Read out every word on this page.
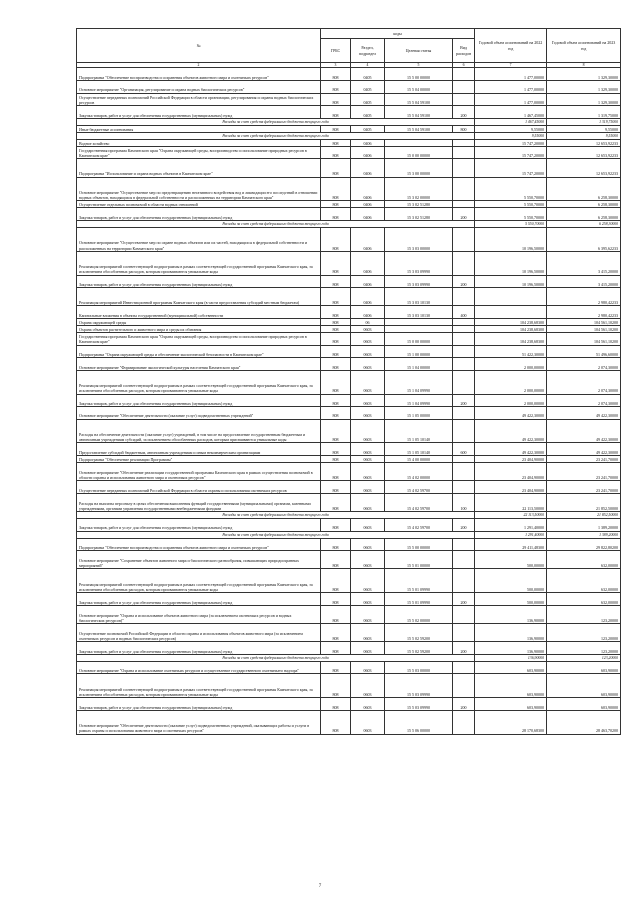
№	коды				Годовой объем ассигнований на 2022 год	Годовой объем ассигнований на 2023 год
	ГРБС	Раздел, подраздел	Целевая статья	Вид расходов		
2	3	4	5	6	7	8
Подпрограмма "Обеспечение воспроизводства и сохранения объектов животного мира и охотничьих ресурсов"	808	0405	15 5 00 00000		1 477,00000	1 329,30000
Основное мероприятие "Организация, регулирование и охрана водных биологических ресурсов"	808	0405	15 5 04 00000		1 477,00000	1 329,30000
Осуществление переданных полномочий Российской Федерации в области организации, регулирования и охраны водных биологических ресурсов	808	0405	15 5 04 59100		1 477,00000	1 329,30000
Закупка товаров, работ и услуг для обеспечения государственных (муниципальных) нужд	808	0405	15 5 04 59100	200	1 467,45000	1 319,75000
Расходы за счет средств федерального бюджета текущего года					1 467,45000	1 319,75000
Иные бюджетные ассигнования	808	0405	15 5 04 59100	800	9,55000	9,55000
Расходы за счет средств федерального бюджета текущего года					9,55000	9,55000
Водное хозяйство	808	0406			15 747,20000	12 653,92233
Государственная программа Камчатского края "Охрана окружающей среды, воспроизводство и использование природных ресурсов в Камчатском крае"	808	0406	15 0 00 00000		15 747,20000	12 653,92233
Подпрограмма "Использование и охрана водных объектов в Камчатском крае"	808	0406	15 3 00 00000		15 747,20000	12 653,92233
Основное мероприятие "Осуществление мер по предотвращению негативного воздействия вод и ликвидации его последствий в отношении водных объектов, находящихся в федеральной собственности и расположенных на территории Камчатского края"	808	0406	15 3 02 00000		5 550,70000	6 258,30000
Осуществление отдельных полномочий в области водных отношений	808	0406	15 3 02 51280		5 550,70000	6 258,30000
Закупка товаров, работ и услуг для обеспечения государственных (муниципальных) нужд	808	0406	15 3 02 51280	200	5 550,70000	6 258,30000
Расходы за счет средств федерального бюджета текущего года					5 550,70000	6 258,30000
Основное мероприятие "Осуществление мер по охране водных объектов или их частей, находящихся в федеральной собственности и расположенных на территории Камчатского края"	808	0406	15 3 03 00000		10 196,50000	6 395,62233
Реализация мероприятий соответствующей подпрограммы в рамках соответствующей государственной программы Камчатского края, за исключением обособленных расходов, которым присваиваются уникальные коды	808	0406	15 3 03 09990		10 196,50000	3 415,20000
Закупка товаров, работ и услуг для обеспечения государственных (муниципальных) нужд	808	0406	15 3 03 09990	200	10 196,50000	3 415,20000
Реализация мероприятий Инвестиционной программы Камчатского края (в части предоставления субсидий местным бюджетам)	808	0406	15 3 03 10130			2 980,42233
Капитальные вложения в объекты государственной (муниципальной) собственности	808	0406	15 3 03 10130	400		2 980,42233
Охрана окружающей среды	808	06			104 238,68300	104 561,10200
Охрана объектов растительного и животного мира и среды их обитания	808	0603			104 238,68300	104 561,10200
Государственная программа Камчатского края "Охрана окружающей среды, воспроизводство и использование природных ресурсов в Камчатском крае"	808	0603	15 0 00 00000		104 238,68300	104 561,10200
Подпрограмма "Охрана окружающей среды и обеспечение экологической безопасности в Камчатском крае"	808	0603	15 1 00 00000		51 422,30000	51 496,60000
Основное мероприятие "Формирование экологической культуры населения Камчатского края"	808	0603	15 1 04 00000		2 000,00000	2 074,30000
Реализация мероприятий соответствующей подпрограммы в рамках соответствующей государственной программы Камчатского края, за исключением обособленных расходов, которым присваиваются уникальные коды	808	0603	15 1 04 09990		2 000,00000	2 074,30000
Закупка товаров, работ и услуг для обеспечения государственных (муниципальных) нужд	808	0603	15 1 04 09990	200	2 000,00000	2 074,30000
Основное мероприятие "Обеспечение деятельности (оказание услуг) подведомственных учреждений"	808	0603	15 1 05 00000		49 422,30000	49 422,30000
Расходы на обеспечение деятельности (оказание услуг) учреждений, в том числе на предоставление государственным бюджетным и автономным учреждениям субсидий, за исключением обособленных расходов, которым присваиваются уникальные коды	808	0603	15 1 05 10140		49 422,30000	49 422,30000
Предоставление субсидий бюджетным, автономным учреждениям и иным некоммерческим организациям	808	0603	15 1 05 10140	600	49 422,30000	49 422,30000
Подпрограмма "Обеспечение реализации Программы"	808	0603	15 4 00 00000		23 404,90000	23 241,70000
Основное мероприятие "Обеспечение реализации государственной программы Камчатского края в рамках осуществления полномочий в области охраны и использования животного мира и охотничьих ресурсов"	808	0603	15 4 02 00000		23 404,90000	23 241,70000
Осуществление переданных полномочий Российской Федерации в области охраны и использования охотничьих ресурсов	808	0603	15 4 02 59700		23 404,90000	23 241,70000
Расходы на выплаты персоналу в целях обеспечения выполнения функций государственными (муниципальными) органами, казенными учреждениями, органами управления государственными внебюджетными фондами	808	0603	15 4 02 59700	100	22 113,50000	21 852,50000
Расходы за счет средств федерального бюджета текущего года					22 113,50000	21 852,50000
Закупка товаров, работ и услуг для обеспечения государственных (муниципальных) нужд	808	0603	15 4 02 59700	200	1 291,40000	1 389,20000
Расходы за счет средств федерального бюджета текущего года					1 291,40000	1 389,20000
Подпрограмма "Обеспечение воспроизводства и сохранения объектов животного мира и охотничьих ресурсов"	808	0603	15 5 00 00000		29 411,48300	29 822,80200
Основное мероприятие "Сохранение объектов животного мира и биологического разнообразия, повышающих природоохранных мероприятий"	808	0603	15 5 01 00000		500,00000	632,00000
Реализация мероприятий соответствующей подпрограммы в рамках соответствующей государственной программы Камчатского края, за исключением обособленных расходов, которым присваиваются уникальные коды	808	0603	15 5 01 09990		500,00000	632,00000
Закупка товаров, работ и услуг для обеспечения государственных (муниципальных) нужд	808	0603	15 5 01 09990	200	500,00000	632,00000
Основное мероприятие "Охрана и использование объектов животного мира (за исключением охотничьих ресурсов и водных биологических ресурсов)"	808	0603	15 5 02 00000		136,90000	123,20000
Осуществление полномочий Российской Федерации в области охраны и использования объектов животного мира (за исключением охотничьих ресурсов и водных биологических ресурсов)	808	0603	15 5 02 59200		136,90000	123,20000
Закупка товаров, работ и услуг для обеспечения государственных (муниципальных) нужд	808	0603	15 5 02 59200	200	136,90000	123,20000
Расходы за счет средств федерального бюджета текущего года					136,90000	123,20000
Основное мероприятие "Охрана и использование охотничьих ресурсов и осуществление государственного охотничьего надзора"	808	0603	15 5 03 00000		603,90000	603,90000
Реализация мероприятий соответствующей подпрограммы в рамках соответствующей государственной программы Камчатского края, за исключением обособленных расходов, которым присваиваются уникальные коды	808	0603	15 5 03 09990		603,90000	603,90000
Закупка товаров, работ и услуг для обеспечения государственных (муниципальных) нужд	808	0603	15 5 03 09990	200	603,90000	603,90000
Основное мероприятие "Обеспечение деятельности (оказание услуг) подведомственных учреждений, оказывающих работы и услуги в рамках охраны и использования животного мира и охотничьих ресурсов"	808	0603	15 5 06 00000		28 170,68300	28 463,70200
7
